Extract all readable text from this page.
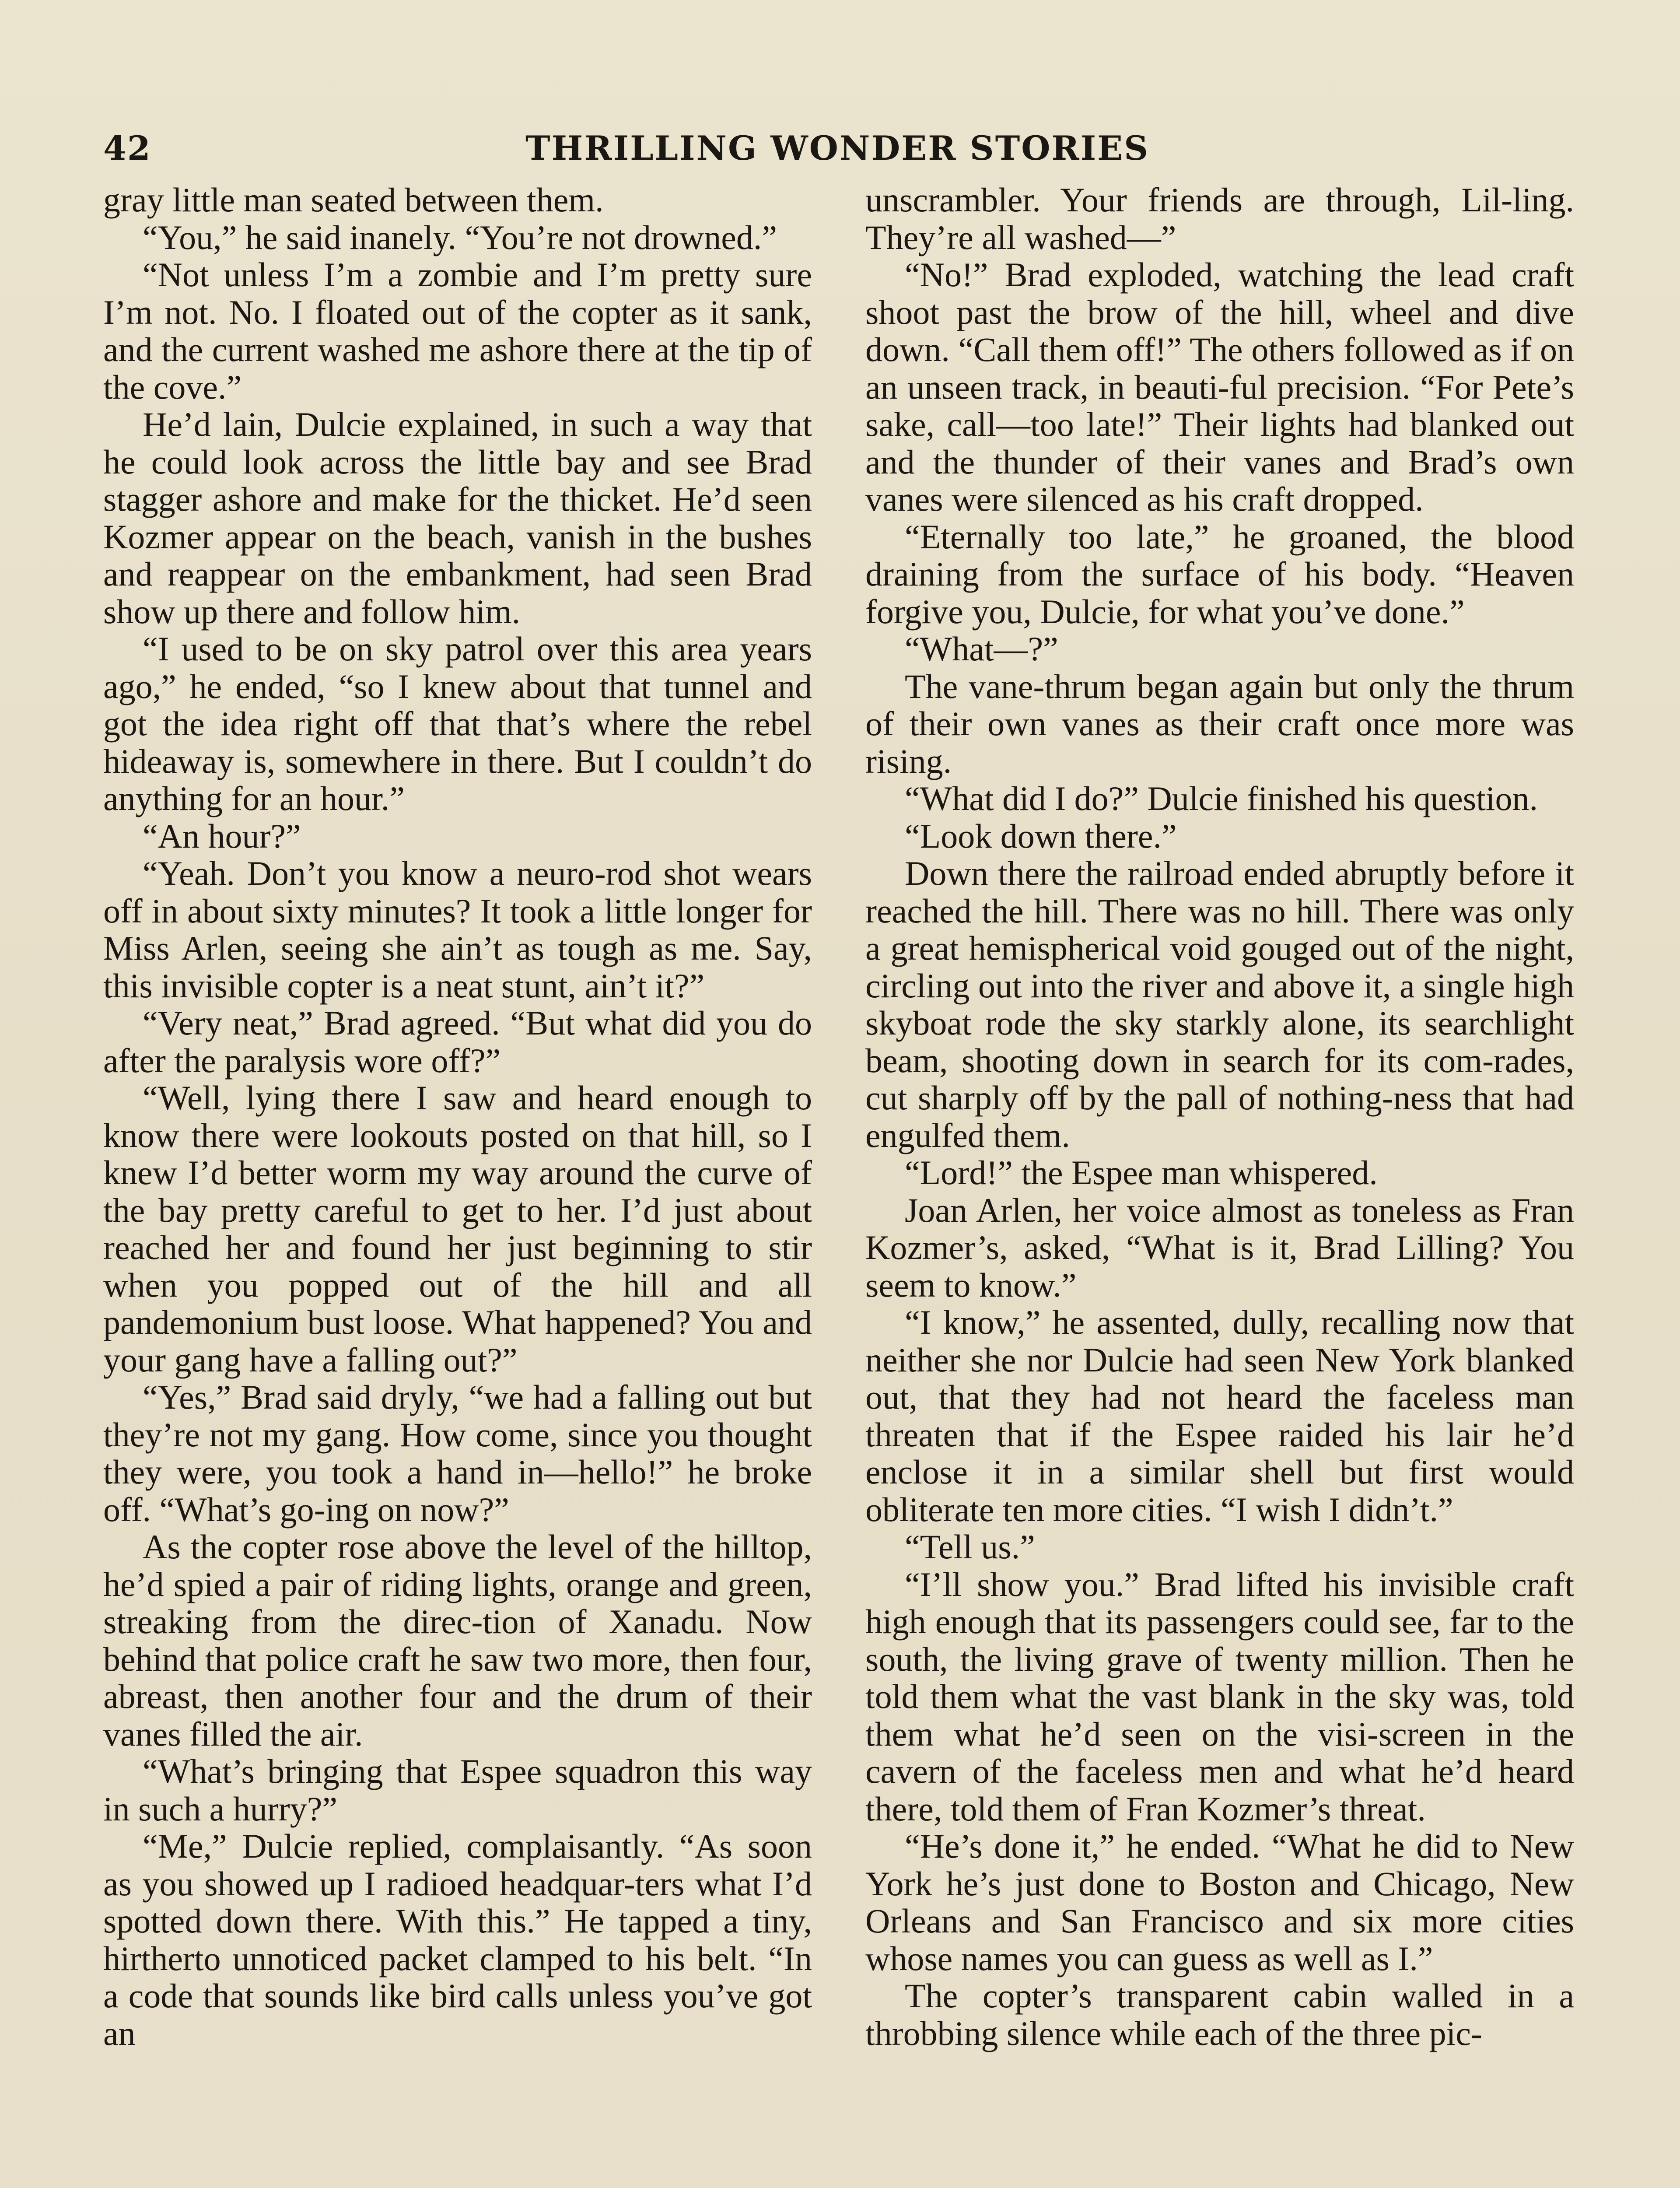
42	THRILLING WONDER STORIES

gray little man seated between them.

“You,” he said inanely. “You’re not drowned.”

“Not unless I’m a zombie and I’m pretty sure I’m not. No. I floated out of the copter as it sank, and the current washed me ashore there at the tip of the cove.”

He’d lain, Dulcie explained, in such a way that he could look across the little bay and see Brad stagger ashore and make for the thicket. He’d seen Kozmer appear on the beach, vanish in the bushes and reappear on the embankment, had seen Brad show up there and follow him.

“I used to be on sky patrol over this area years ago,” he ended, “so I knew about that tunnel and got the idea right off that that’s where the rebel hideaway is, somewhere in there. But I couldn’t do anything for an hour.”

“An hour?”

“Yeah. Don’t you know a neuro-rod shot wears off in about sixty minutes? It took a little longer for Miss Arlen, seeing she ain’t as tough as me. Say, this invisible copter is a neat stunt, ain’t it?”

“Very neat,” Brad agreed. “But what did you do after the paralysis wore off?”

“Well, lying there I saw and heard enough to know there were lookouts posted on that hill, so I knew I’d better worm my way around the curve of the bay pretty careful to get to her. I’d just about reached her and found her just beginning to stir when you popped out of the hill and all pandemonium bust loose. What happened? You and your gang have a falling out?”

“Yes,” Brad said dryly, “we had a falling out but they’re not my gang. How come, since you thought they were, you took a hand in—hello!” he broke off. “What’s go-ing on now?”

As the copter rose above the level of the hilltop, he’d spied a pair of riding lights, orange and green, streaking from the direc-tion of Xanadu. Now behind that police craft he saw two more, then four, abreast, then another four and the drum of their vanes filled the air.

“What’s bringing that Espee squadron this way in such a hurry?”

“Me,” Dulcie replied, complaisantly. “As soon as you showed up I radioed headquar-ters what I’d spotted down there. With this.” He tapped a tiny, hirtherto unnoticed packet clamped to his belt. “In a code that sounds like bird calls unless you’ve got an

unscrambler. Your friends are through, Lil-ling. They’re all washed—”

“No!” Brad exploded, watching the lead craft shoot past the brow of the hill, wheel and dive down. “Call them off!” The others followed as if on an unseen track, in beauti-ful precision. “For Pete’s sake, call—too late!” Their lights had blanked out and the thunder of their vanes and Brad’s own vanes were silenced as his craft dropped.

“Eternally too late,” he groaned, the blood draining from the surface of his body. “Heaven forgive you, Dulcie, for what you’ve done.”

“What—?”

The vane-thrum began again but only the thrum of their own vanes as their craft once more was rising.

“What did I do?” Dulcie finished his question.

“Look down there.”

Down there the railroad ended abruptly before it reached the hill. There was no hill. There was only a great hemispherical void gouged out of the night, circling out into the river and above it, a single high skyboat rode the sky starkly alone, its searchlight beam, shooting down in search for its com-rades, cut sharply off by the pall of nothing-ness that had engulfed them.

“Lord!” the Espee man whispered.

Joan Arlen, her voice almost as toneless as Fran Kozmer’s, asked, “What is it, Brad Lilling? You seem to know.”

“I know,” he assented, dully, recalling now that neither she nor Dulcie had seen New York blanked out, that they had not heard the faceless man threaten that if the Espee raided his lair he’d enclose it in a similar shell but first would obliterate ten more cities. “I wish I didn’t.”

“Tell us.”

“I’ll show you.” Brad lifted his invisible craft high enough that its passengers could see, far to the south, the living grave of twenty million. Then he told them what the vast blank in the sky was, told them what he’d seen on the visi-screen in the cavern of the faceless men and what he’d heard there, told them of Fran Kozmer’s threat.

“He’s done it,” he ended. “What he did to New York he’s just done to Boston and Chicago, New Orleans and San Francisco and six more cities whose names you can guess as well as I.”

The copter’s transparent cabin walled in a throbbing silence while each of the three pic-
